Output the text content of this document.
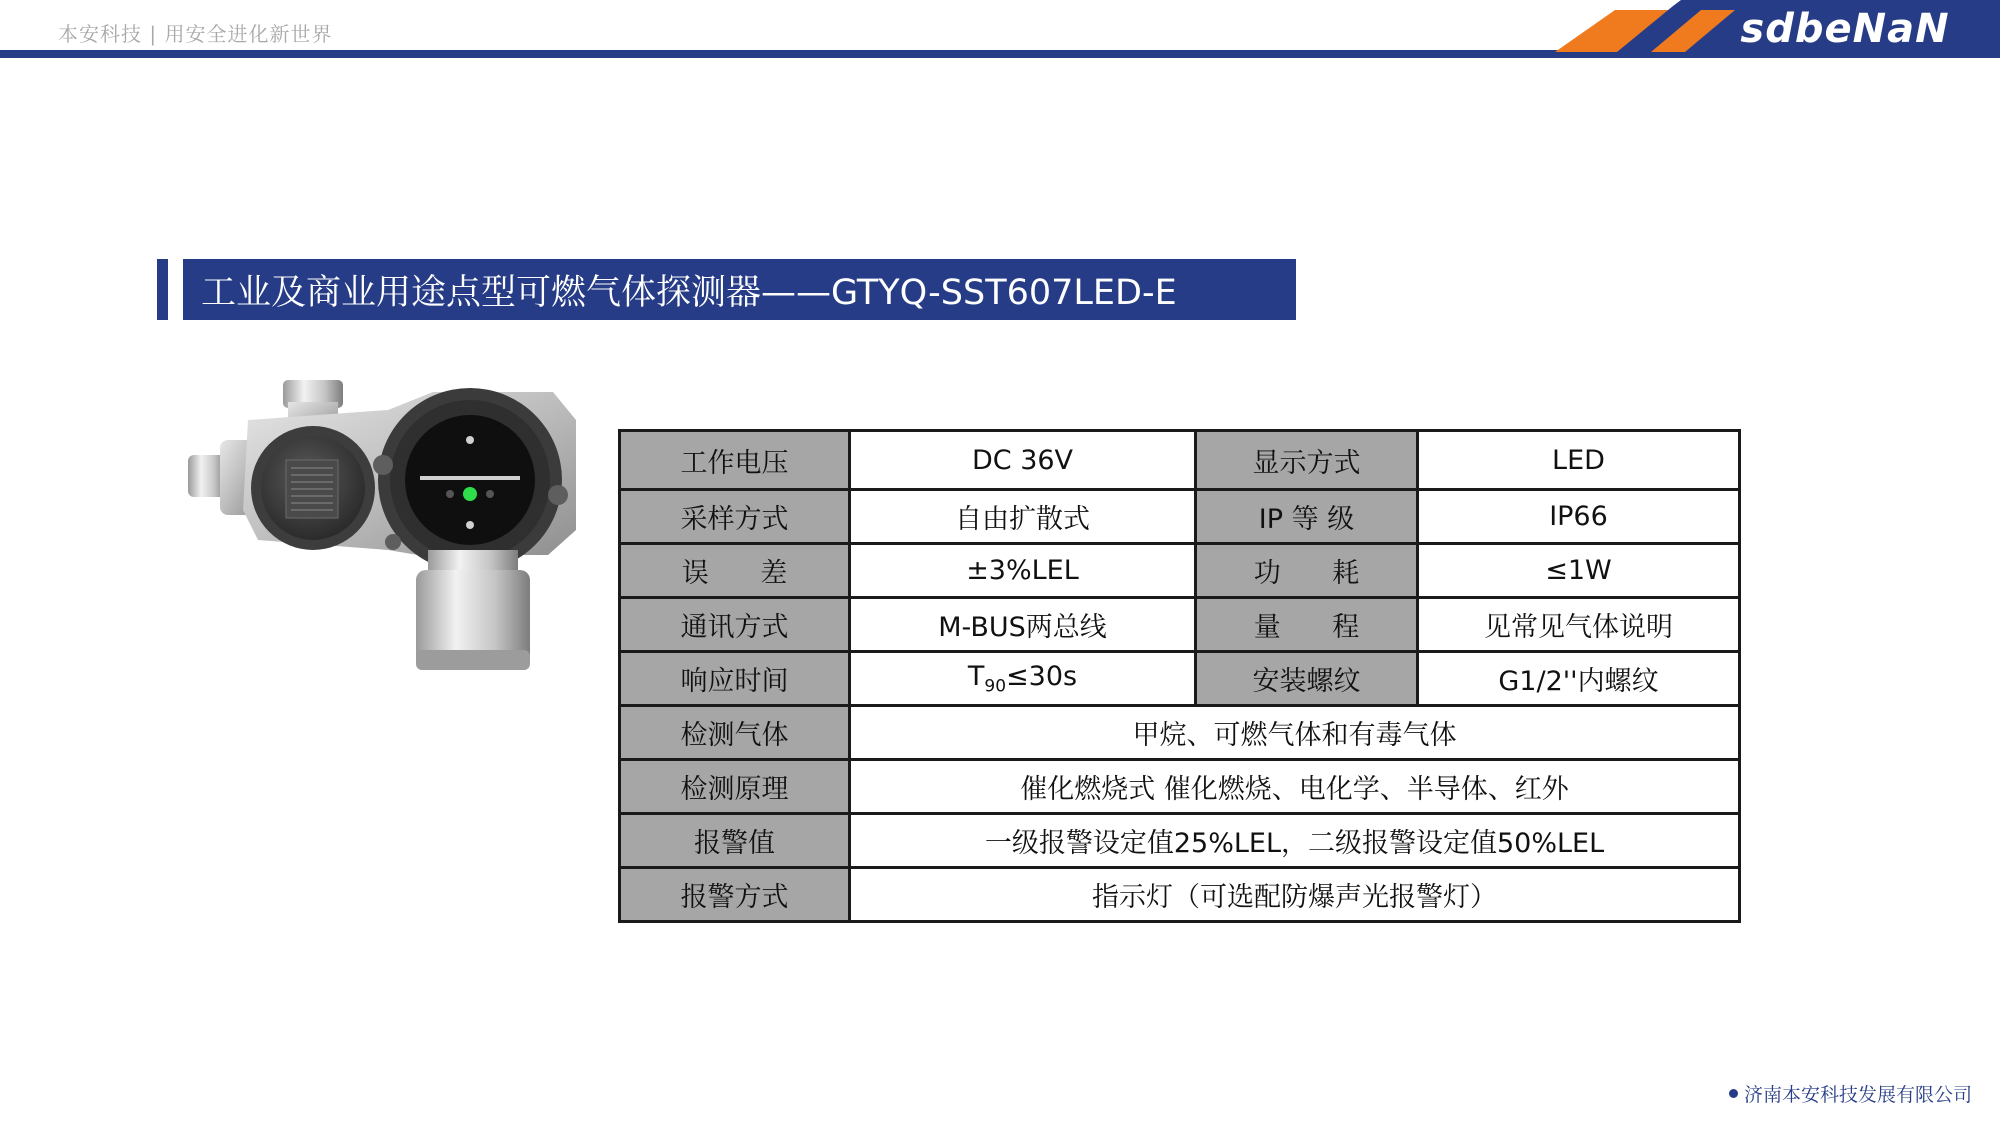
本安科技 | 用安全进化新世界	sdbeNaN
工业及商业用途点型可燃气体探测器——GTYQ-SST607LED-E
工作电压	DC 36V	显示方式	LED
采样方式	自由扩散式	IP 等 级	IP66
误      差	±3%LEL	功      耗	≤1W
通讯方式	M-BUS两总线	量      程	见常见气体说明
响应时间	$T_{90}\le 30s$	安装螺纹	G1/2''内螺纹
检测气体	甲烷、可燃气体和有毒气体		
检测原理	催化燃烧式 催化燃烧、电化学、半导体、红外		
报警值	一级报警设定值25%LEL，二级报警设定值50%LEL		
报警方式	指示灯（可选配防爆声光报警灯）		
济南本安科技发展有限公司
